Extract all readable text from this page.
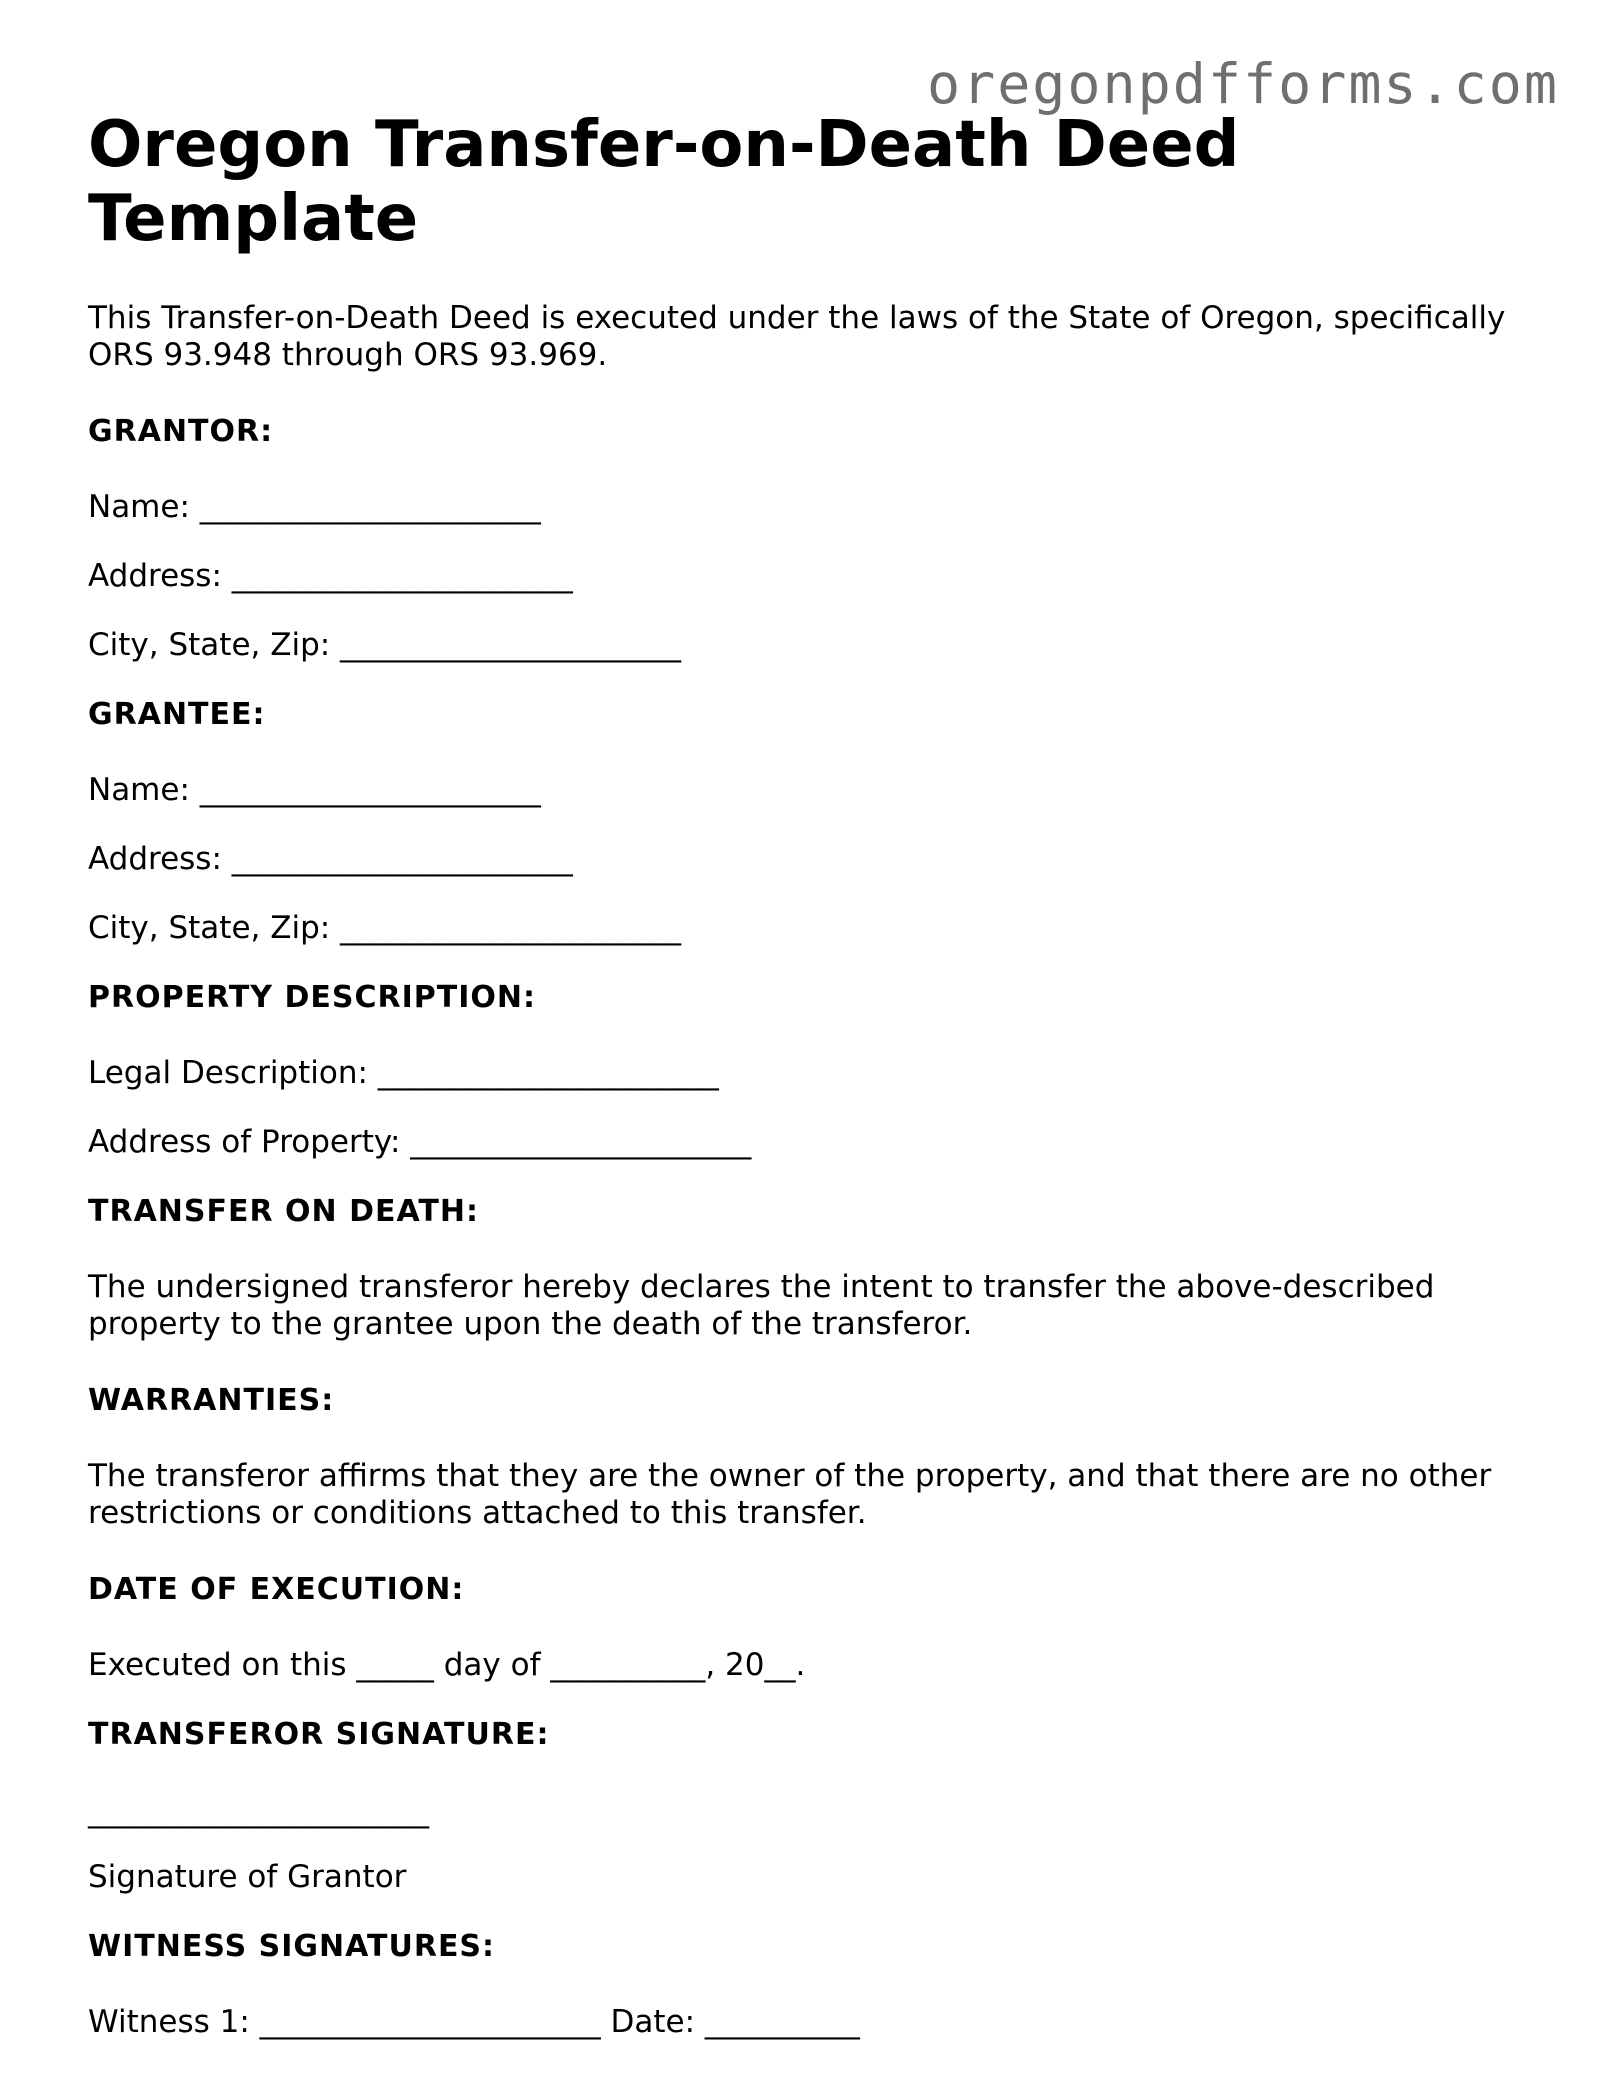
oregonpdfforms.com
Oregon Transfer-on-Death Deed Template
This Transfer-on-Death Deed is executed under the laws of the State of Oregon, specifically ORS 93.948 through ORS 93.969.
GRANTOR:
Name: ______________________
Address: ______________________
City, State, Zip: ______________________
GRANTEE:
Name: ______________________
Address: ______________________
City, State, Zip: ______________________
PROPERTY DESCRIPTION:
Legal Description: ______________________
Address of Property: ______________________
TRANSFER ON DEATH:
The undersigned transferor hereby declares the intent to transfer the above-described property to the grantee upon the death of the transferor.
WARRANTIES:
The transferor affirms that they are the owner of the property, and that there are no other restrictions or conditions attached to this transfer.
DATE OF EXECUTION:
Executed on this _____ day of __________, 20__.
TRANSFEROR SIGNATURE:
______________________
Signature of Grantor
WITNESS SIGNATURES:
Witness 1: ______________________ Date: __________
